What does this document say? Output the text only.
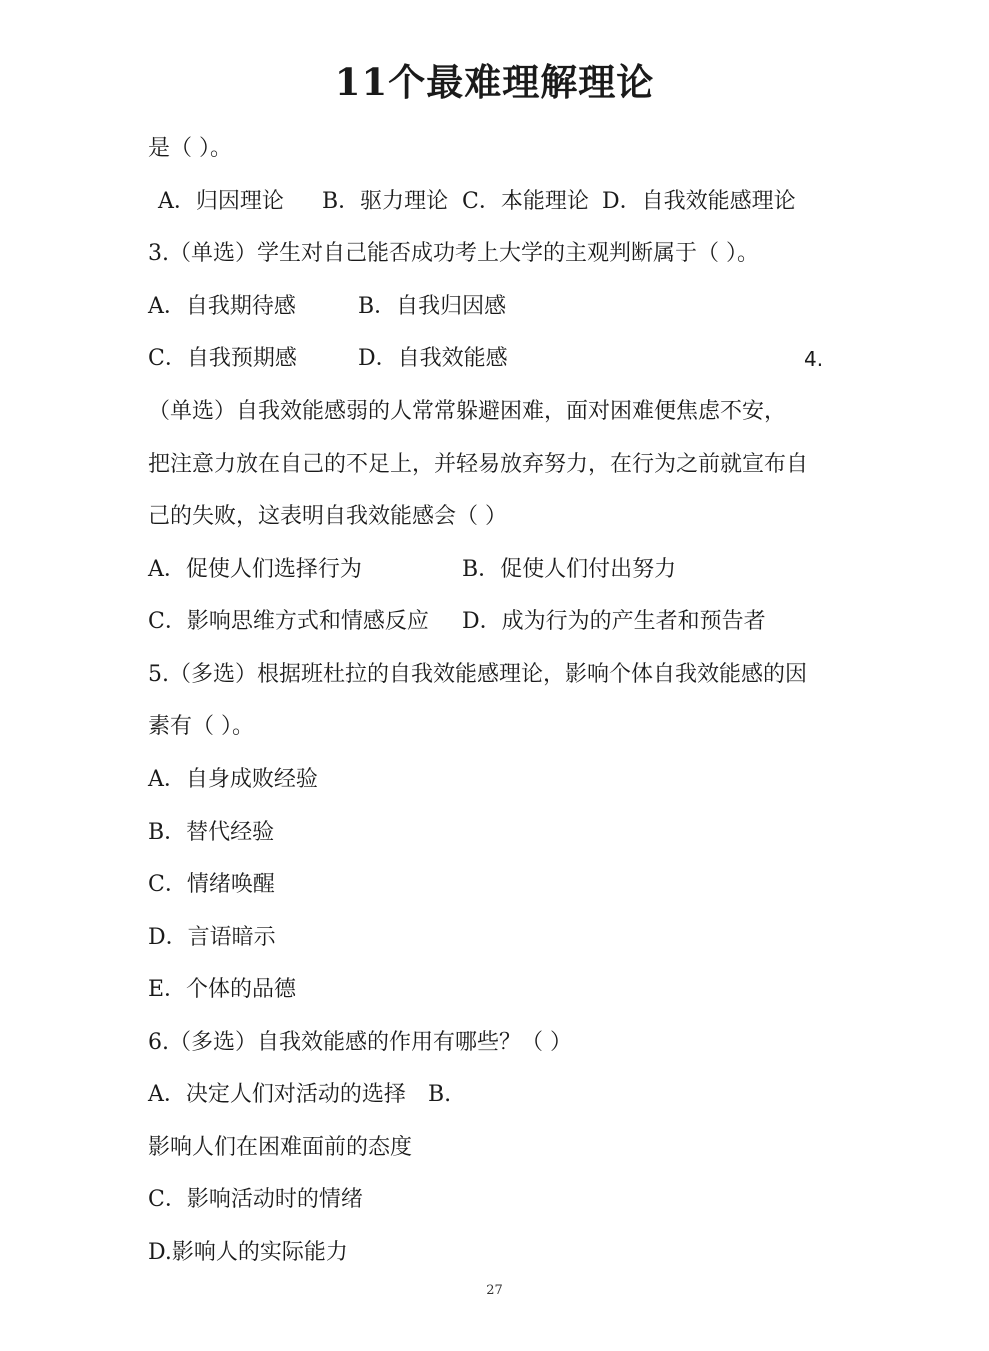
11个最难理解理论
是（ ）。
A．归因理论 B．驱力理论 C．本能理论 D．自我效能感理论
3.（单选）学生对自己能否成功考上大学的主观判断属于（ ）。
A．自我期待感	B．自我归因感
C．自我预期感	D．自我效能感	4.
（单选）自我效能感弱的人常常躲避困难，面对困难便焦虑不安，
把注意力放在自己的不足上，并轻易放弃努力，在行为之前就宣布自
己的失败，这表明自我效能感会（ ）
A．促使人们选择行为	B．促使人们付出努力
C．影响思维方式和情感反应 D．成为行为的产生者和预告者
5.（多选）根据班杜拉的自我效能感理论，影响个体自我效能感的因
素有（ ）。
A．自身成败经验
B．替代经验
C．情绪唤醒
D．言语暗示
E．个体的品德
6.（多选）自我效能感的作用有哪些？（ ）
A．决定人们对活动的选择 B.
影响人们在困难面前的态度
C．影响活动时的情绪
D.影响人的实际能力
27
